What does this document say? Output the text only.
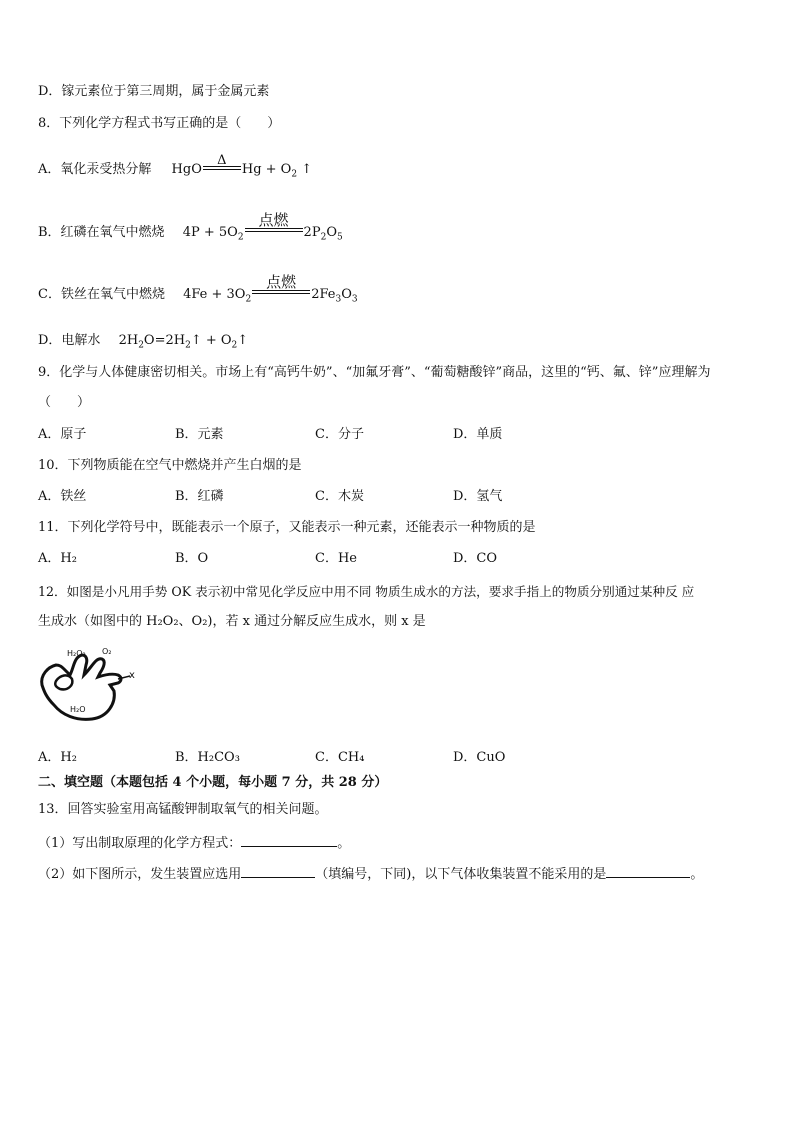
D．镓元素位于第三周期，属于金属元素
8．下列化学方程式书写正确的是（　　）
A．氧化汞受热分解 HgO
Δ
$Hg + O_2$ ↑
B．红磷在氧气中燃烧 $4P + 5O_2$
点燃
$2P_2O_5$
C．铁丝在氧气中燃烧 $4Fe + 3O_2$
点燃
$2Fe_3O_3$
D．电解水 $2H_2O=2H_2↑$ + $O_2↑$
9．化学与人体健康密切相关。市场上有“高钙牛奶”、“加氟牙膏”、“葡萄糖酸锌”商品，这里的“钙、氟、锌”应理解为
（　　）
A．原子	B．元素	C．分子	D．单质
10．下列物质能在空气中燃烧并产生白烟的是
A．铁丝	B．红磷	C．木炭	D．氢气
11．下列化学符号中，既能表示一个原子，又能表示一种元素，还能表示一种物质的是
A．H₂	B．O	C．He	D．CO
12．如图是小凡用手势 OK 表示初中常见化学反应中用不同 物质生成水的方法，要求手指上的物质分别通过某种反 应
生成水（如图中的 H₂O₂、O₂)，若 x 通过分解反应生成水，则 x 是
H₂O₂ O₂
x
H₂O
A．H₂	B．H₂CO₃	C．CH₄	D．CuO
二、填空题（本题包括 4 个小题，每小题 7 分，共 28 分）
13．回答实验室用高锰酸钾制取氧气的相关问题。
（1）写出制取原理的化学方程式：	。
（2）如下图所示，发生装置应选用	（填编号，下同)，以下气体收集装置不能采用的是	。
